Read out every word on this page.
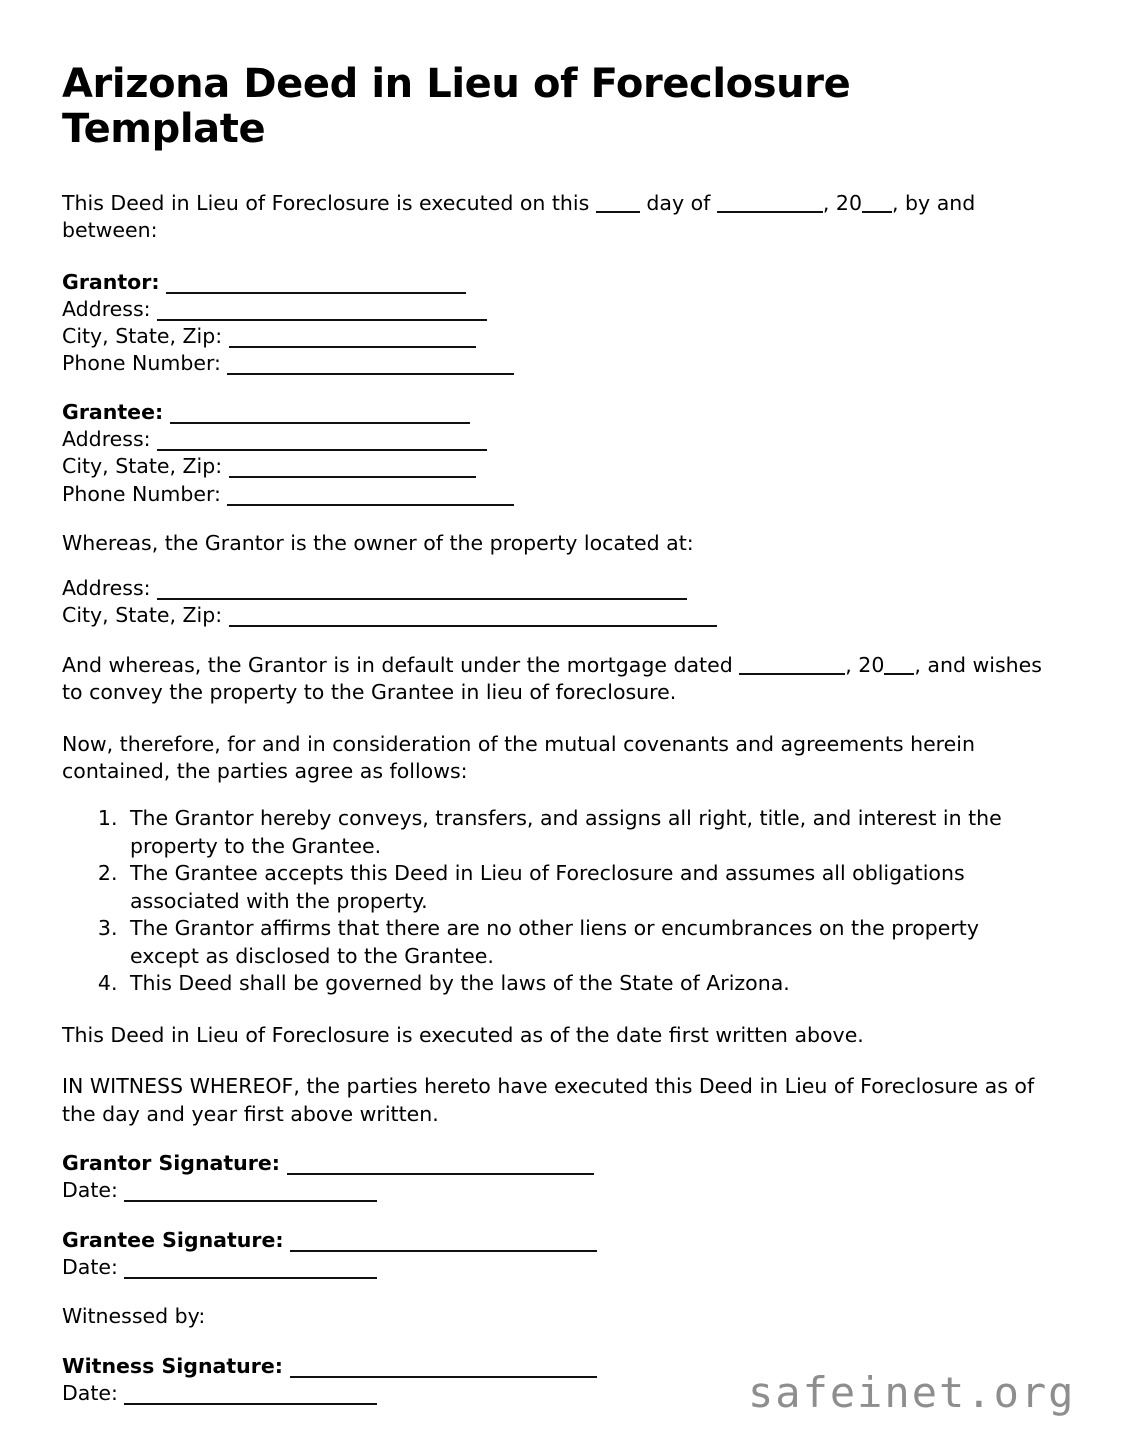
Arizona Deed in Lieu of Foreclosure Template

This Deed in Lieu of Foreclosure is executed on this	day of	, 20 , by and between:

Grantor:
Address:
City, State, Zip:
Phone Number:
Grantee:
Address:
City, State, Zip:
Phone Number:

Whereas, the Grantor is the owner of the property located at:

Address:
City, State, Zip:

And whereas, the Grantor is in default under the mortgage dated	, 20 , and wishes to convey the property to the Grantee in lieu of foreclosure.

Now, therefore, for and in consideration of the mutual covenants and agreements herein contained, the parties agree as follows:

1. The Grantor hereby conveys, transfers, and assigns all right, title, and interest in the property to the Grantee.
2. The Grantee accepts this Deed in Lieu of Foreclosure and assumes all obligations associated with the property.
3. The Grantor affirms that there are no other liens or encumbrances on the property except as disclosed to the Grantee.
4. This Deed shall be governed by the laws of the State of Arizona.

This Deed in Lieu of Foreclosure is executed as of the date first written above.

IN WITNESS WHEREOF, the parties hereto have executed this Deed in Lieu of Foreclosure as of the day and year first above written.

Grantor Signature:
Date:
Grantee Signature:
Date:

Witnessed by:

Witness Signature:
Date:	safeinet.org
